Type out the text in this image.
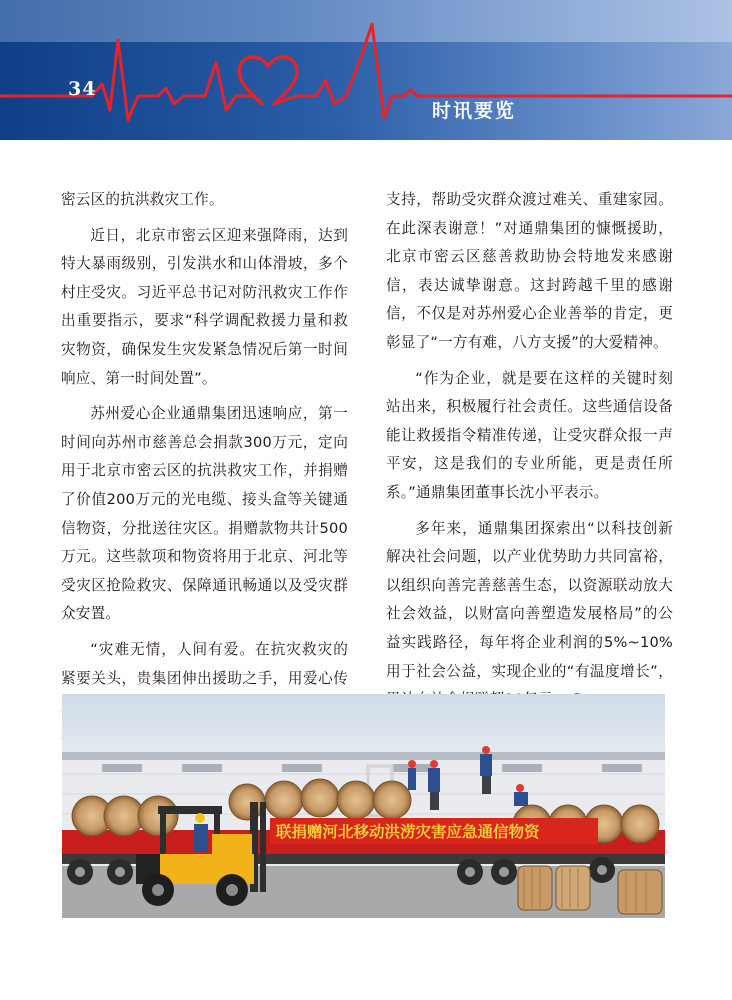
34
时讯要览

密云区的抗洪救灾工作。

近日，北京市密云区迎来强降雨，达到特大暴雨级别，引发洪水和山体滑坡，多个村庄受灾。习近平总书记对防汛救灾工作作出重要指示，要求“科学调配救援力量和救灾物资，确保发生灾发紧急情况后第一时间响应、第一时间处置”。

苏州爱心企业通鼎集团迅速响应，第一时间向苏州市慈善总会捐款300万元，定向用于北京市密云区的抗洪救灾工作，并捐赠了价值200万元的光电缆、接头盒等关键通信物资，分批送往灾区。捐赠款物共计500万元。这些款项和物资将用于北京、河北等受灾区抢险救灾、保障通讯畅通以及受灾群众安置。

“灾难无情，人间有爱。在抗灾救灾的紧要关头，贵集团伸出援助之手，用爱心传

支持，帮助受灾群众渡过难关、重建家园。在此深表谢意！”对通鼎集团的慷慨援助，北京市密云区慈善救助协会特地发来感谢信，表达诚挚谢意。这封跨越千里的感谢信，不仅是对苏州爱心企业善举的肯定，更彰显了“一方有难，八方支援”的大爱精神。

“作为企业，就是要在这样的关键时刻站出来，积极履行社会责任。这些通信设备能让救援指令精准传递，让受灾群众报一声平安，这是我们的专业所能，更是责任所系。”通鼎集团董事长沈小平表示。

多年来，通鼎集团探索出“以科技创新解决社会问题，以产业优势助力共同富裕，以组织向善完善慈善生态，以资源联动放大社会效益，以财富向善塑造发展格局”的公益实践路径，每年将企业利润的5%~10%用于社会公益，实现企业的“有温度增长”，

联捐赠河北移动洪涝灾害应急通信物资
